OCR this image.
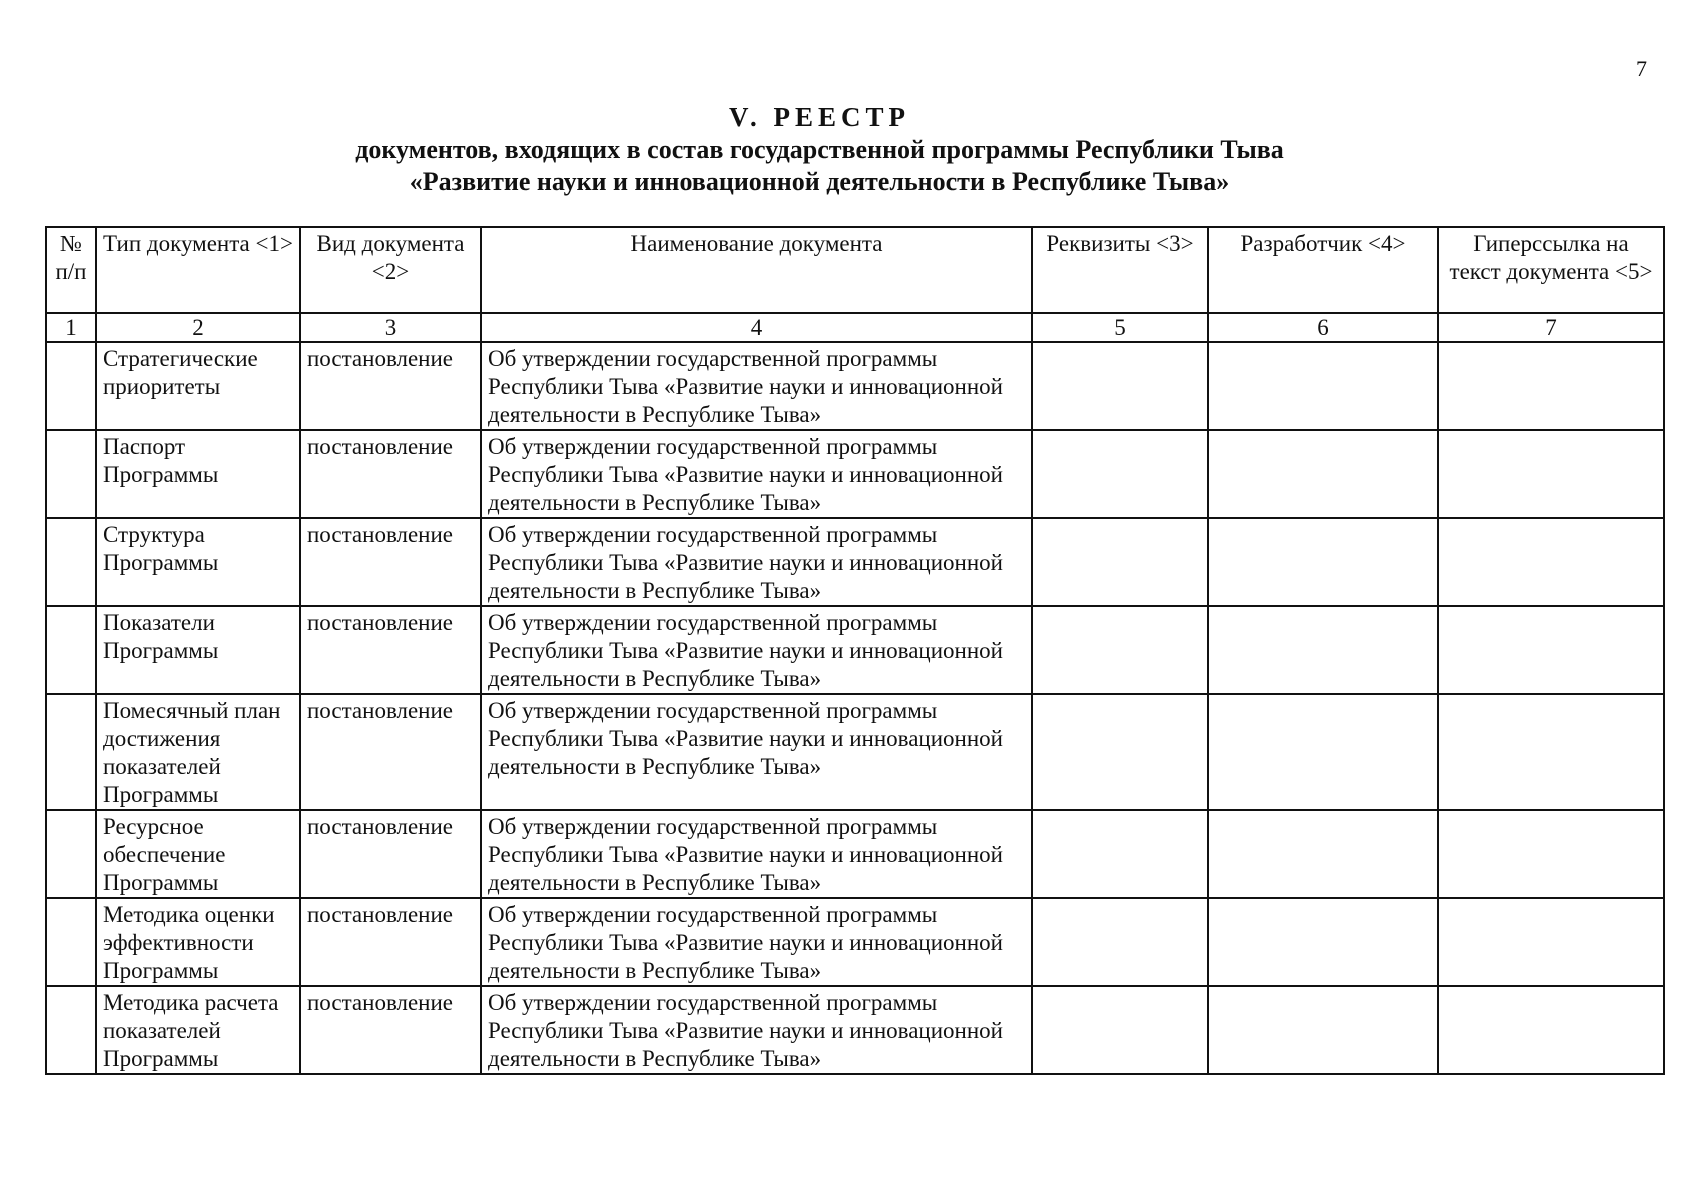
7
V. РЕЕСТР
документов, входящих в состав государственной программы Республики Тыва
«Развитие науки и инновационной деятельности в Республике Тыва»
№ п/п	Тип документа <1>	Вид документа <2>	Наименование документа	Реквизиты <3>	Разработчик <4>	Гиперссылка на текст документа <5>
1	2	3	4	5	6	7
	Стратегические приоритеты	постановление	Об утверждении государственной программы Республики Тыва «Развитие науки и инновационной деятельности в Республике Тыва»			
	Паспорт Программы	постановление	Об утверждении государственной программы Республики Тыва «Развитие науки и инновационной деятельности в Республике Тыва»			
	Структура Программы	постановление	Об утверждении государственной программы Республики Тыва «Развитие науки и инновационной деятельности в Республике Тыва»			
	Показатели Программы	постановление	Об утверждении государственной программы Республики Тыва «Развитие науки и инновационной деятельности в Республике Тыва»			
	Помесячный план достижения показателей Программы	постановление	Об утверждении государственной программы Республики Тыва «Развитие науки и инновационной деятельности в Республике Тыва»			
	Ресурсное обеспечение Программы	постановление	Об утверждении государственной программы Республики Тыва «Развитие науки и инновационной деятельности в Республике Тыва»			
	Методика оценки эффективности Программы	постановление	Об утверждении государственной программы Республики Тыва «Развитие науки и инновационной деятельности в Республике Тыва»			
	Методика расчета показателей Программы	постановление	Об утверждении государственной программы Республики Тыва «Развитие науки и инновационной деятельности в Республике Тыва»			
